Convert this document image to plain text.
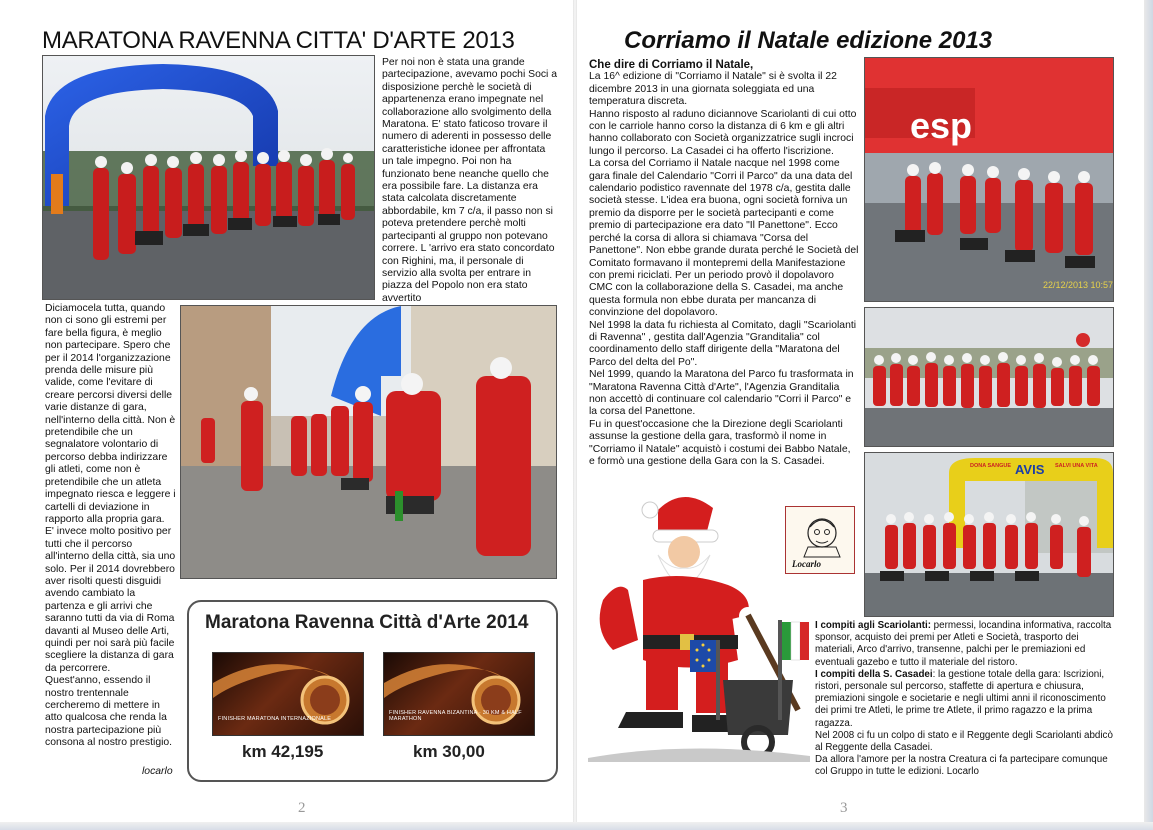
MARATONA RAVENNA CITTA' D'ARTE 2013
Per noi non è stata una grande partecipazione, avevamo pochi Soci a disposizione perchè le società di appartenenza erano impegnate nel collaborazione allo svolgimento della Maratona. E' stato faticoso trovare il numero di aderenti in possesso delle caratteristiche idonee per affrontata un tale impegno. Poi non ha funzionato bene neanche quello che era possibile fare. La distanza era stata calcolata discretamente abbordabile, km 7 c/a, il passo non si poteva pretendere perchè molti partecipanti al gruppo non potevano correre. L 'arrivo era stato concordato con Righini, ma, il personale di servizio alla svolta per entrare in piazza del Popolo non era stato avvertito

Diciamocela tutta, quando non ci sono gli estremi per fare bella figura, è meglio non partecipare. Spero che per il 2014 l'organizzazione prenda delle misure più valide, come l'evitare di creare percorsi diversi delle varie distanze di gara, nell'interno della città. Non è pretendibile che un segnalatore volontario di percorso debba indirizzare gli atleti, come non è pretendibile che un atleta impegnato riesca e leggere i cartelli di deviazione in rapporto alla propria gara. E' invece molto positivo per tutti che il percorso all'interno della città, sia uno solo. Per il 2014 dovrebbero aver risolti questi disguidi avendo cambiato la partenza e gli arrivi che saranno tutti da via di Roma davanti al Museo delle Arti, quindi per noi sarà più facile scegliere la distanza di gara da percorrere.

Quest'anno, essendo il nostro trentennale cercheremo di mettere in atto qualcosa che renda la nostra partecipazione più consona al nostro prestigio.

locarlo
Maratona Ravenna Città d'Arte 2014
FINISHER MARATONA INTERNAZIONALE
FINISHER RAVENNA BIZANTINA · 30 KM & HALF MARATHON
km 42,195	km 30,00
2
Corriamo il Natale edizione 2013

Che dire di Corriamo il Natale,

La 16^ edizione di "Corriamo il Natale" si è svolta il 22 dicembre 2013 in una giornata soleggiata ed una temperatura discreta.

Hanno risposto al raduno diciannove Scariolanti di cui otto con le carriole hanno corso la distanza di 6 km e gli altri hanno collaborato con Società organizzatrice sugli incroci lungo il percorso. La Casadei ci ha offerto l'iscrizione.

La corsa del Corriamo il Natale nacque nel 1998 come gara finale del Calendario "Corri il Parco" da una data del calendario podistico ravennate del 1978 c/a, gestita dalle società stesse. L'idea era buona, ogni società forniva un premio da disporre per le società partecipanti e come premio di partecipazione era dato "Il Panettone". Ecco perché la corsa di allora si chiamava "Corsa del Panettone". Non ebbe grande durata perché le Società del Comitato formavano il montepremi della Manifestazione con premi riciclati. Per un periodo provò il dopolavoro CMC con la collaborazione della S. Casadei, ma anche questa formula non ebbe durata per mancanza di convinzione del dopolavoro.

Nel 1998 la data fu richiesta al Comitato, dagli "Scariolanti di Ravenna" , gestita dall'Agenzia "Granditalia" col coordinamento dello staff dirigente della "Maratona del Parco del delta del Po".

Nel 1999, quando la Maratona del Parco fu trasformata in "Maratona Ravenna Città d'Arte", l'Agenzia Granditalia non accettò di continuare col calendario "Corri il Parco" e la corsa del Panettone.

Fu in quest'occasione che la Direzione degli Scariolanti assunse la gestione della gara, trasformò il nome in "Corriamo il Natale" acquistò i costumi dei Babbo Natale, e formò una gestione della Gara con la S. Casadei.

esp
22/12/2013 10:57
AVIS
DONA SANGUE	SALVI UNA VITA
Locarlo

I compiti agli Scariolanti: permessi, locandina informativa, raccolta sponsor, acquisto dei premi per Atleti e Società, trasporto dei materiali, Arco d'arrivo, transenne, palchi per le premiazioni ed eventuali gazebo e tutto il materiale del ristoro.

I compiti della S. Casadei: la gestione totale della gara: Iscrizioni, ristori, personale sul percorso, staffette di apertura e chiusura, premiazioni singole e societarie e negli ultimi anni il riconoscimento dei primi tre Atleti, le prime tre Atlete, il primo ragazzo e la prima ragazza.

Nel 2008 ci fu un colpo di stato e il Reggente degli Scariolanti abdicò al Reggente della Casadei.

Da allora l'amore per la nostra Creatura ci fa partecipare comunque col Gruppo in tutte le edizioni. Locarlo

3
